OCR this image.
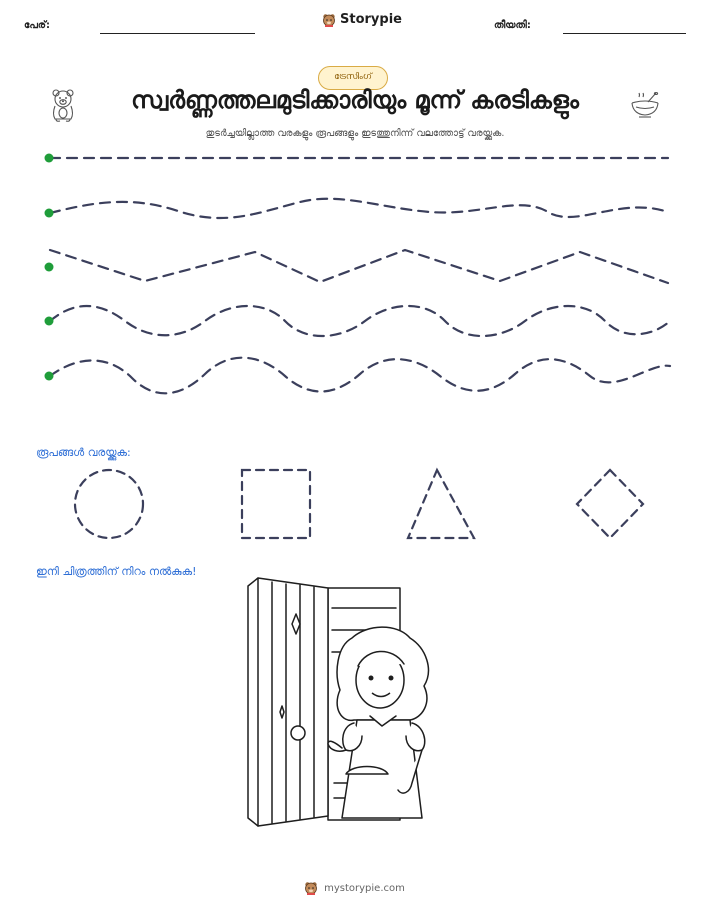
പേര്:	Storypie	തീയതി:
ട്രേസിംഗ്
സ്വർണ്ണത്തലമുടിക്കാരിയും മൂന്ന് കരടികളും
തുടർച്ചയില്ലാത്ത വരകളും രൂപങ്ങളും ഇടത്തുനിന്ന് വലത്തോട്ട് വരയ്ക്കുക.
രൂപങ്ങൾ വരയ്ക്കുക:
ഇനി ചിത്രത്തിന് നിറം നൽകുക!
mystorypie.com
